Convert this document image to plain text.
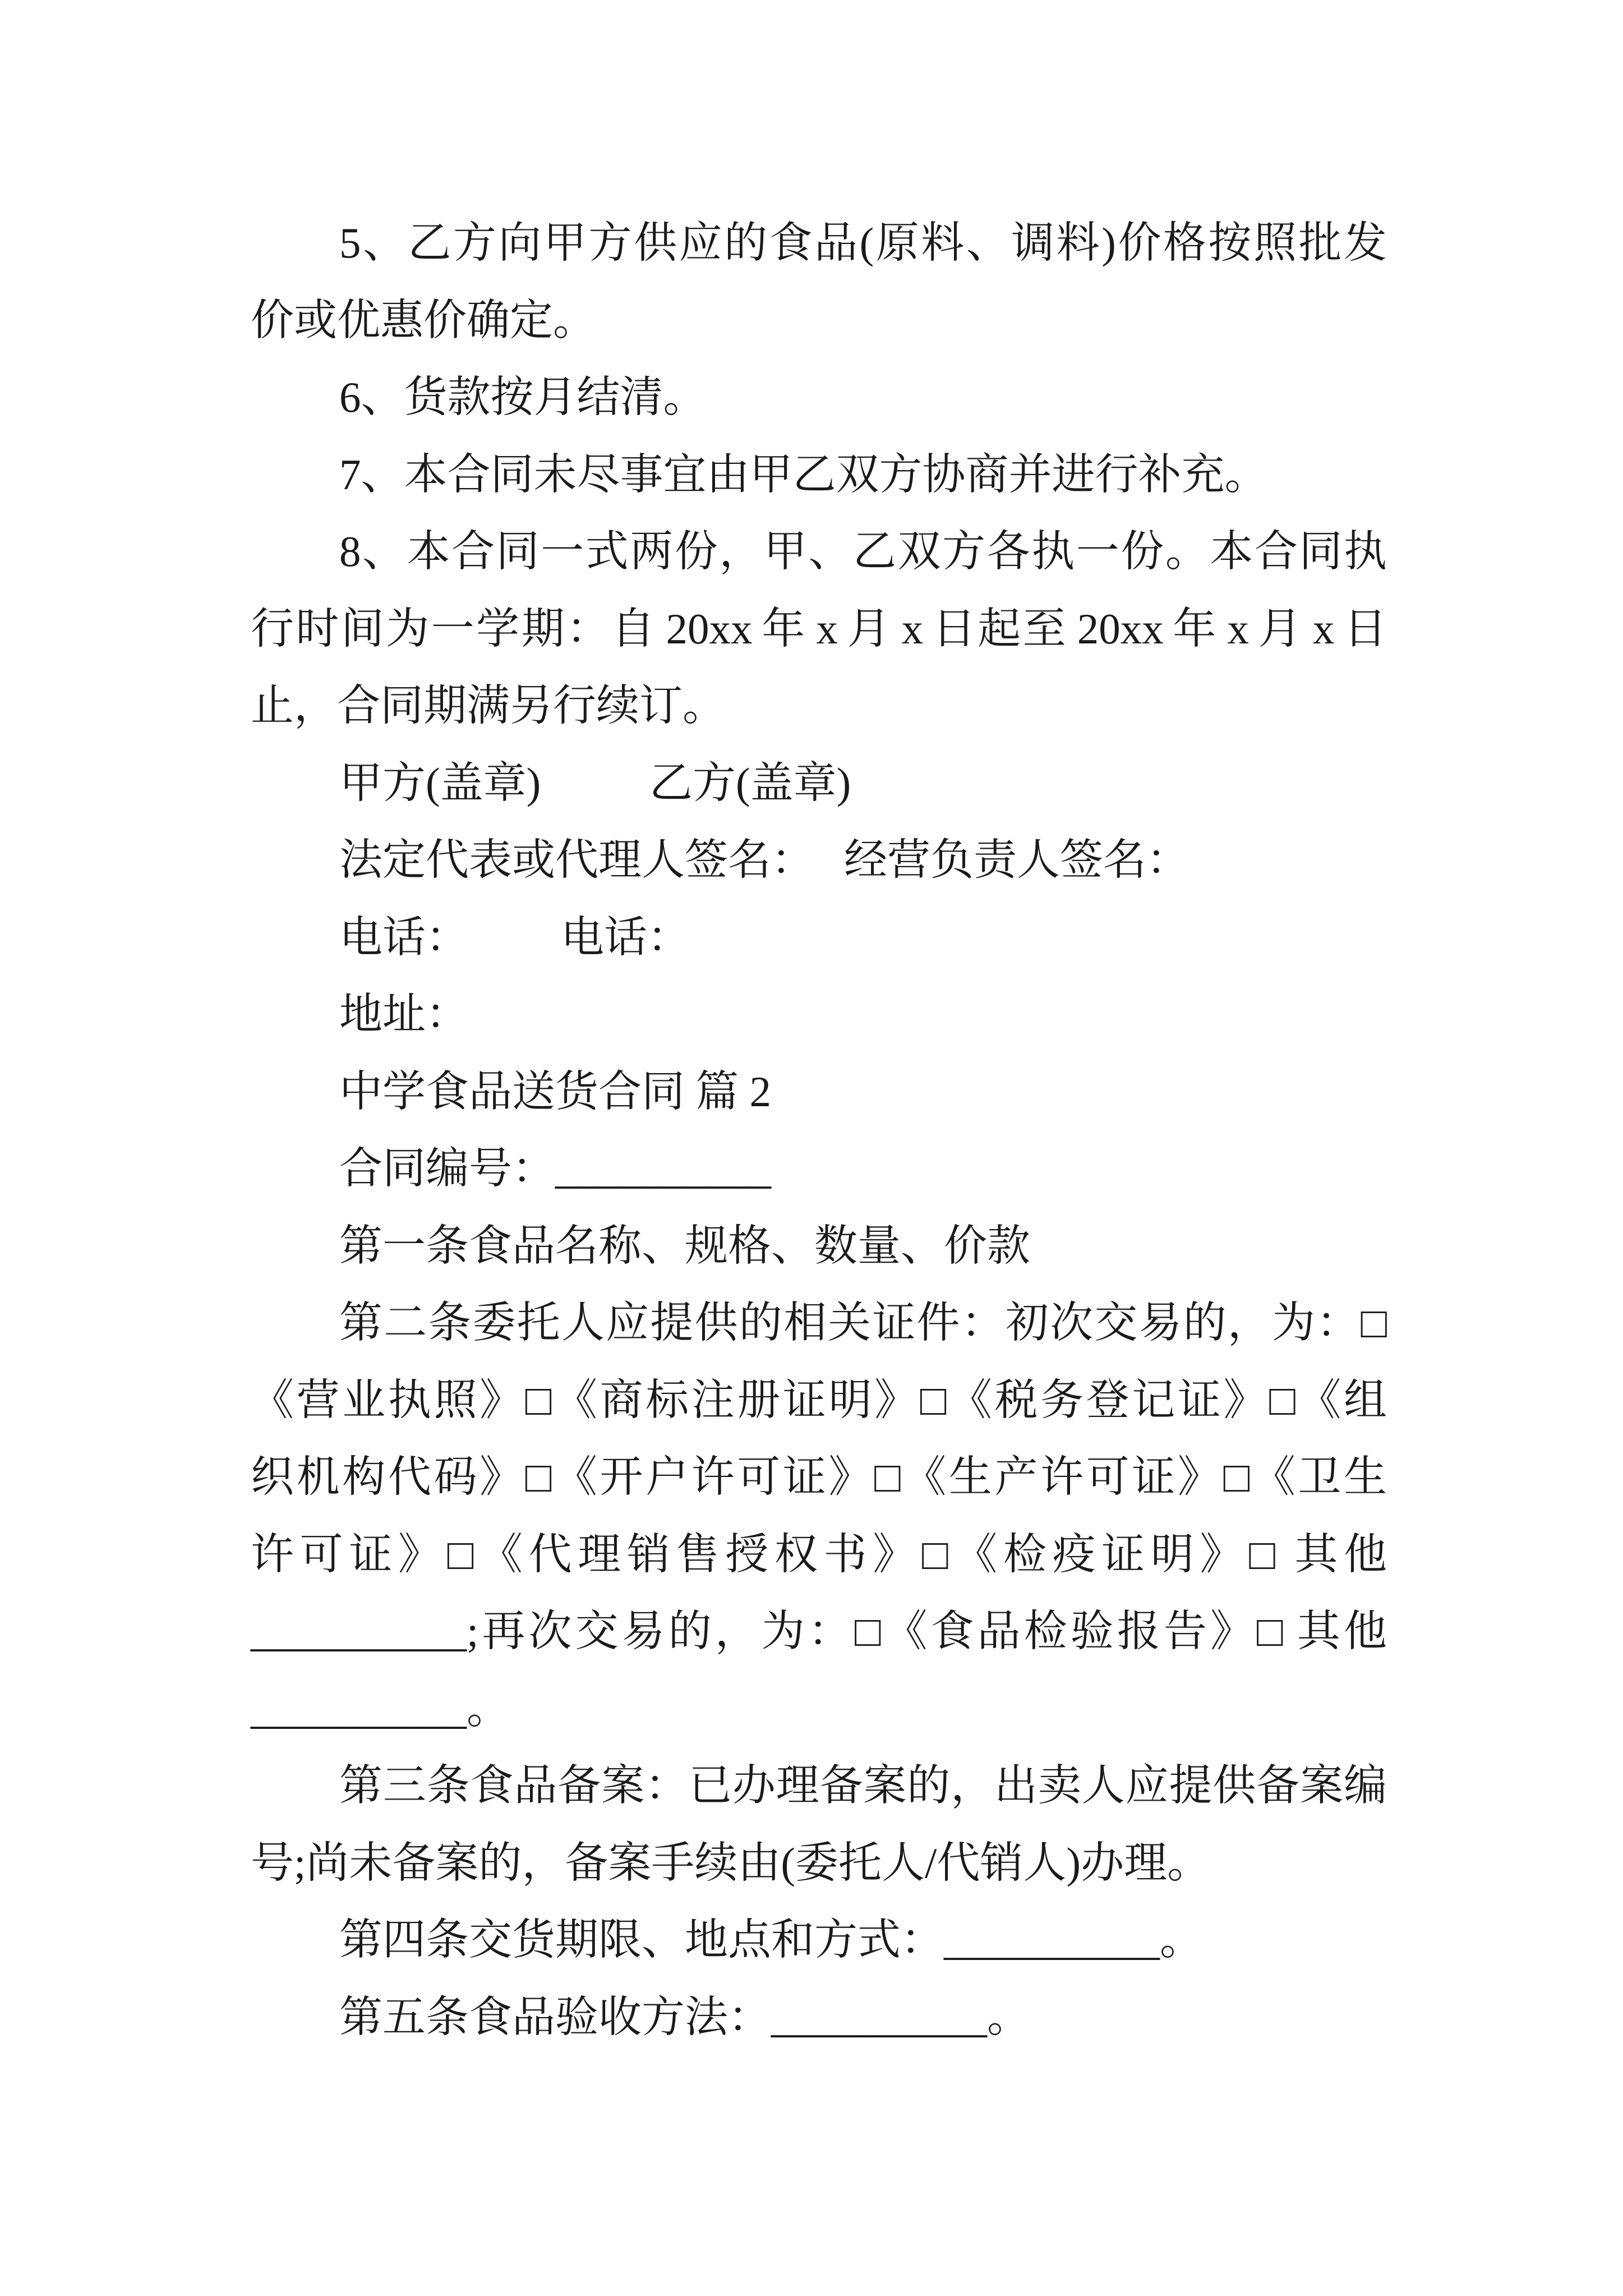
5、乙方向甲方供应的食品(原料、调料)价格按照批发
价或优惠价确定。
6、货款按月结清。
7、本合同未尽事宜由甲乙双方协商并进行补充。
8、本合同一式两份，甲、乙双方各执一份。本合同执
行时间为一学期：自 20xx 年 x 月 x 日起至 20xx 年 x 月 x 日
止，合同期满另行续订。
甲方(盖章)	乙方(盖章)
法定代表或代理人签名： 经营负责人签名：
电话： 电话：
地址：
中学食品送货合同 篇 2
合同编号：__________
第一条食品名称、规格、数量、价款
第二条委托人应提供的相关证件：初次交易的，为：□
《营业执照》□《商标注册证明》□《税务登记证》□《组
织机构代码》□《开户许可证》□《生产许可证》□《卫生
许可证》□《代理销售授权书》□《检疫证明》□ 其他
__________;再次交易的，为：□《食品检验报告》□ 其他
__________。
第三条食品备案：已办理备案的，出卖人应提供备案编
号;尚未备案的，备案手续由(委托人/代销人)办理。
第四条交货期限、地点和方式：__________。
第五条食品验收方法：__________。
